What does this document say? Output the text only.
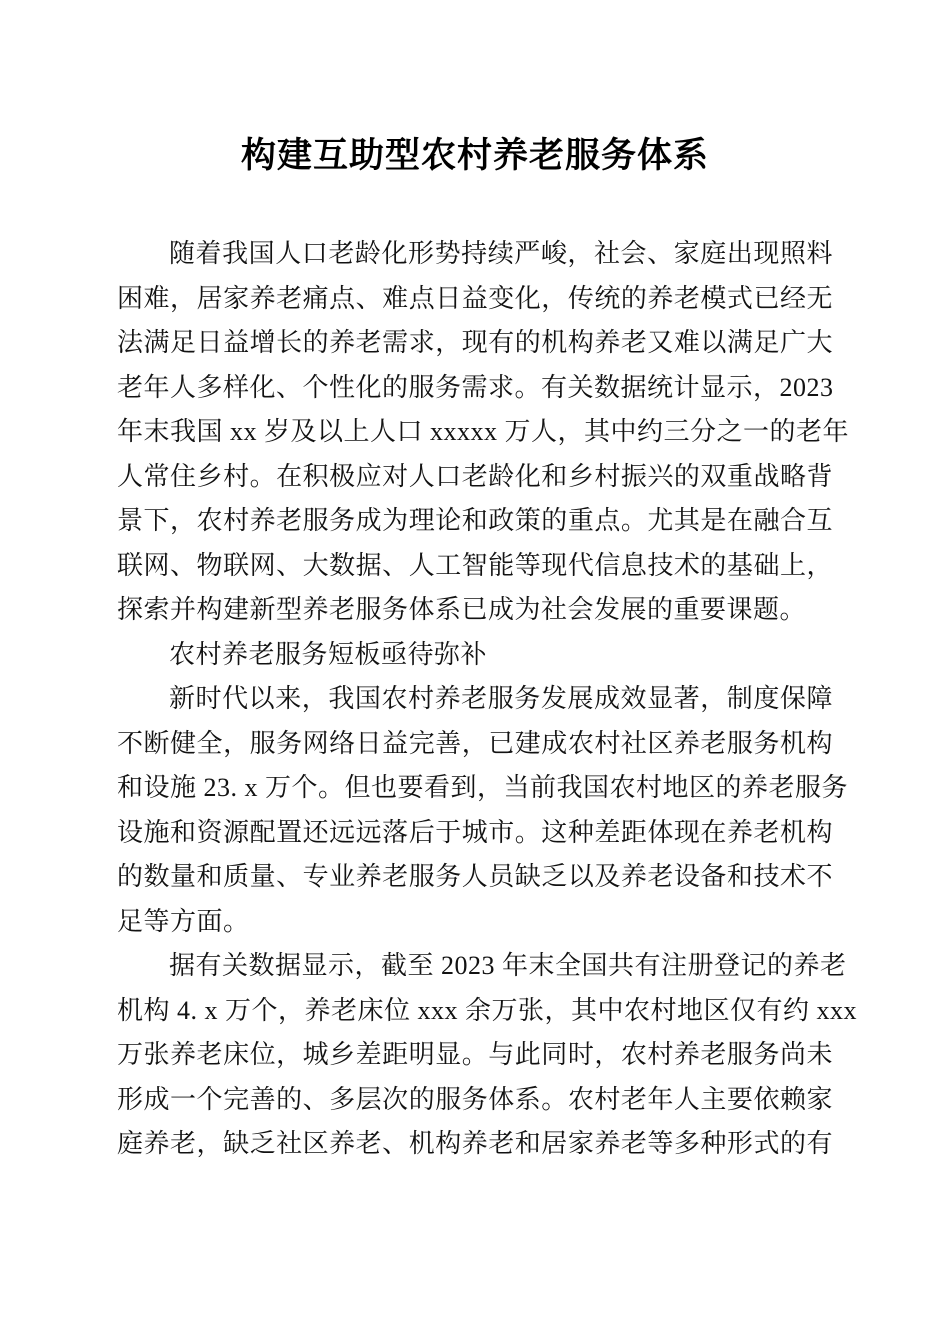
构建互助型农村养老服务体系
随着我国人口老龄化形势持续严峻，社会、家庭出现照料
困难，居家养老痛点、难点日益变化，传统的养老模式已经无
法满足日益增长的养老需求，现有的机构养老又难以满足广大
老年人多样化、个性化的服务需求。有关数据统计显示，2023
年末我国 xx 岁及以上人口 xxxxx 万人，其中约三分之一的老年
人常住乡村。在积极应对人口老龄化和乡村振兴的双重战略背
景下，农村养老服务成为理论和政策的重点。尤其是在融合互
联网、物联网、大数据、人工智能等现代信息技术的基础上，
探索并构建新型养老服务体系已成为社会发展的重要课题。
农村养老服务短板亟待弥补
新时代以来，我国农村养老服务发展成效显著，制度保障
不断健全，服务网络日益完善，已建成农村社区养老服务机构
和设施 23. x 万个。但也要看到，当前我国农村地区的养老服务
设施和资源配置还远远落后于城市。这种差距体现在养老机构
的数量和质量、专业养老服务人员缺乏以及养老设备和技术不
足等方面。
据有关数据显示，截至 2023 年末全国共有注册登记的养老
机构 4. x 万个，养老床位 xxx 余万张，其中农村地区仅有约 xxx
万张养老床位，城乡差距明显。与此同时，农村养老服务尚未
形成一个完善的、多层次的服务体系。农村老年人主要依赖家
庭养老，缺乏社区养老、机构养老和居家养老等多种形式的有
